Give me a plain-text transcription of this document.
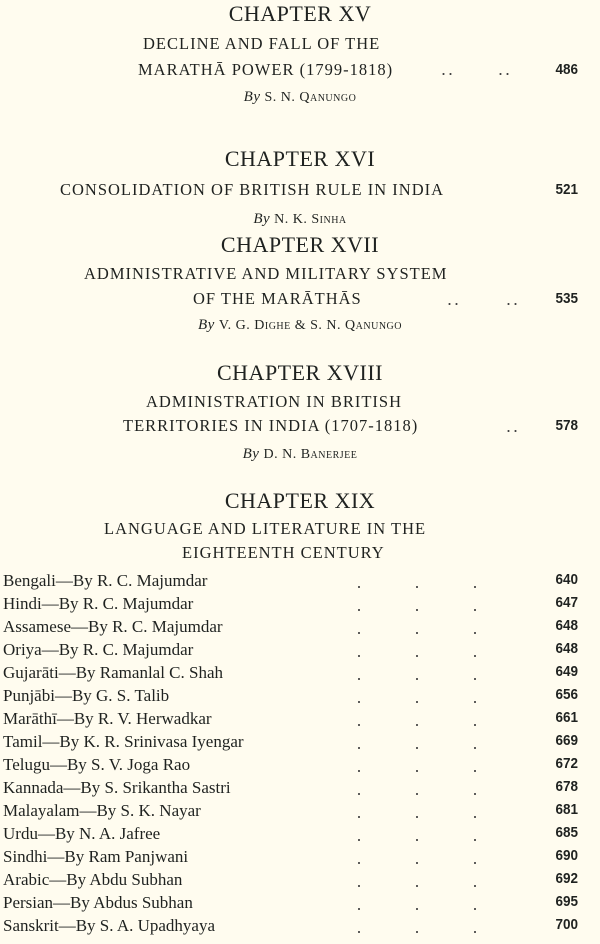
CHAPTER XV
DECLINE AND FALL OF THE
MARATHĀ POWER (1799-1818)	486
By S. N. Qanungo
CHAPTER XVI
CONSOLIDATION OF BRITISH RULE IN INDIA	521
By N. K. Sinha
CHAPTER XVII
ADMINISTRATIVE AND MILITARY SYSTEM
OF THE MARĀTHĀS	535
By V. G. Dighe & S. N. Qanungo
CHAPTER XVIII
ADMINISTRATION IN BRITISH
TERRITORIES IN INDIA (1707-1818)	578
By D. N. Banerjee
CHAPTER XIX
LANGUAGE AND LITERATURE IN THE
EIGHTEENTH CENTURY
Bengali—By R. C. Majumdar	640
Hindi—By R. C. Majumdar	647
Assamese—By R. C. Majumdar	648
Oriya—By R. C. Majumdar	648
Gujarāti—By Ramanlal C. Shah	649
Punjābi—By G. S. Talib	656
Marāthī—By R. V. Herwadkar	661
Tamil—By K. R. Srinivasa Iyengar	669
Telugu—By S. V. Joga Rao	672
Kannada—By S. Srikantha Sastri	678
Malayalam—By S. K. Nayar	681
Urdu—By N. A. Jafree	685
Sindhi—By Ram Panjwani	690
Arabic—By Abdu Subhan	692
Persian—By Abdus Subhan	695
Sanskrit—By S. A. Upadhyaya	700
